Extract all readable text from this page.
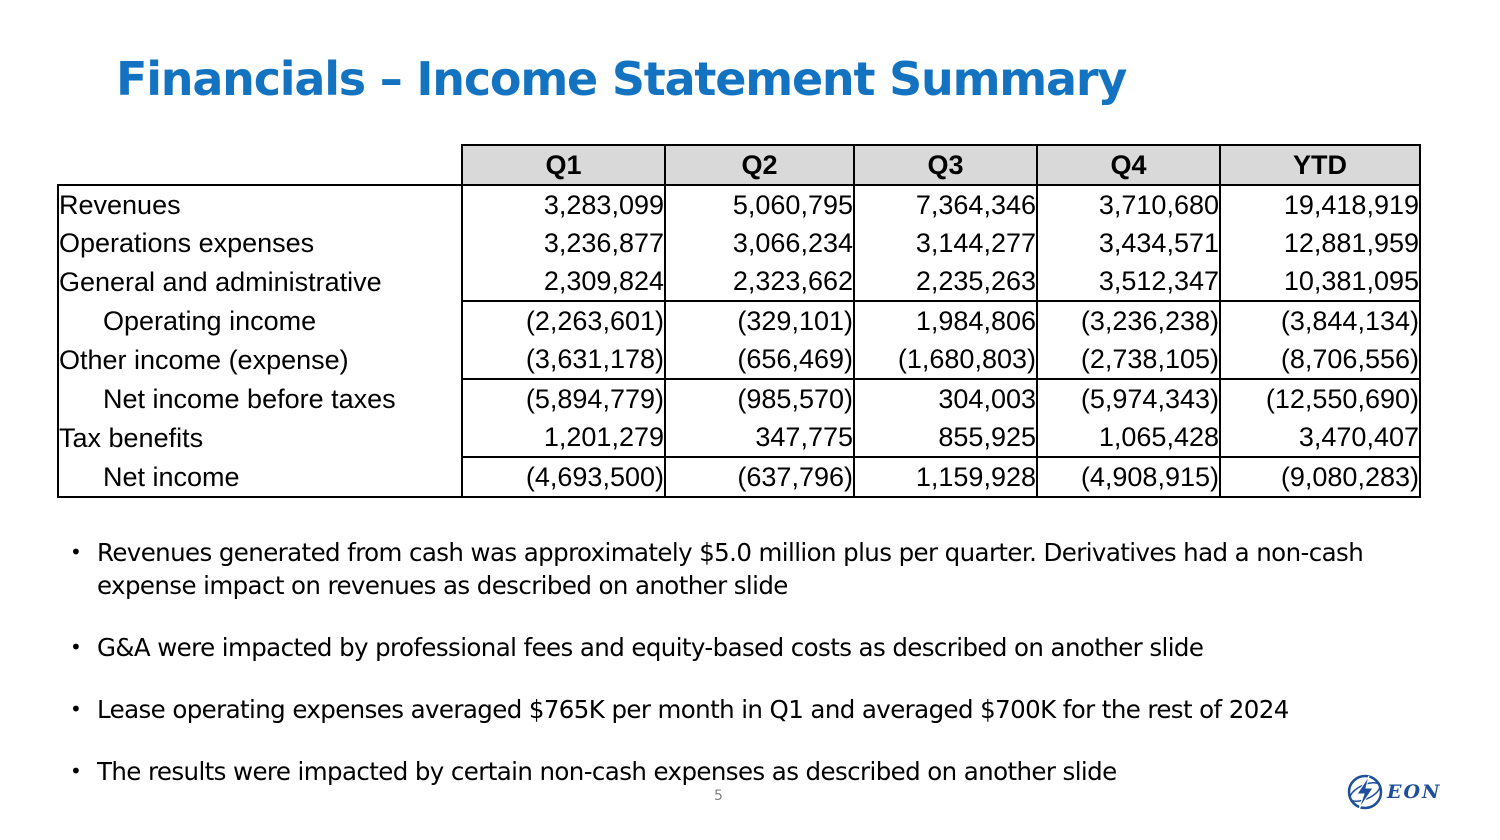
Financials – Income Statement Summary
	Q1	Q2	Q3	Q4	YTD
Revenues	3,283,099	5,060,795	7,364,346	3,710,680	19,418,919
Operations expenses	3,236,877	3,066,234	3,144,277	3,434,571	12,881,959
General and administrative	2,309,824	2,323,662	2,235,263	3,512,347	10,381,095
Operating income	(2,263,601)	(329,101)	1,984,806	(3,236,238)	(3,844,134)
Other income (expense)	(3,631,178)	(656,469)	(1,680,803)	(2,738,105)	(8,706,556)
Net income before taxes	(5,894,779)	(985,570)	304,003	(5,974,343)	(12,550,690)
Tax benefits	1,201,279	347,775	855,925	1,065,428	3,470,407
Net income	(4,693,500)	(637,796)	1,159,928	(4,908,915)	(9,080,283)
• Revenues generated from cash was approximately $5.0 million plus per quarter. Derivatives had a non-cash expense impact on revenues as described on another slide
• G&A were impacted by professional fees and equity-based costs as described on another slide
• Lease operating expenses averaged $765K per month in Q1 and averaged $700K for the rest of 2024
• The results were impacted by certain non-cash expenses as described on another slide
5	EON
